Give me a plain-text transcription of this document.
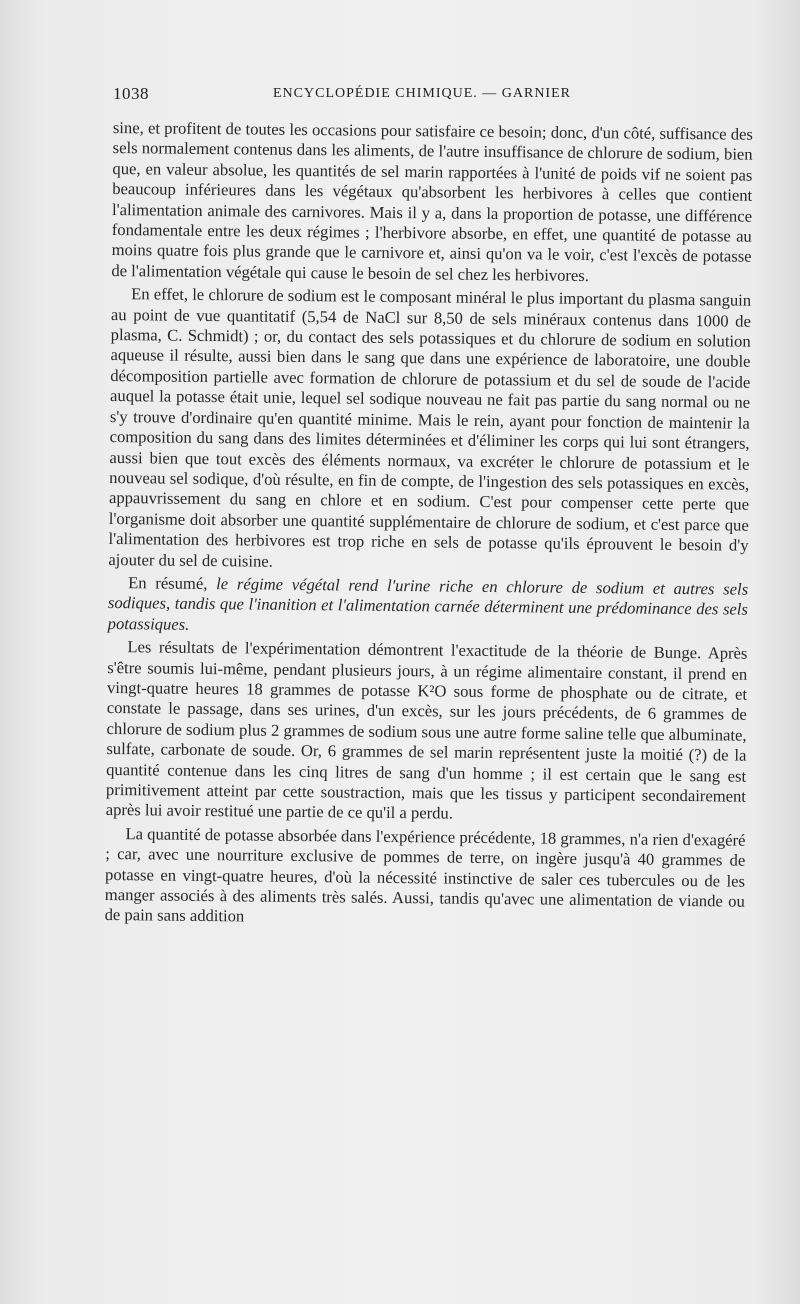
1038	ENCYCLOPÉDIE CHIMIQUE. — GARNIER

sine, et profitent de toutes les occasions pour satisfaire ce besoin; donc, d'un côté, suffisance des sels normalement contenus dans les aliments, de l'autre insuffisance de chlorure de sodium, bien que, en valeur absolue, les quantités de sel marin rapportées à l'unité de poids vif ne soient pas beaucoup inférieures dans les végétaux qu'absorbent les herbivores à celles que contient l'alimentation animale des carnivores. Mais il y a, dans la proportion de potasse, une différence fondamentale entre les deux régimes ; l'herbivore absorbe, en effet, une quantité de potasse au moins quatre fois plus grande que le carnivore et, ainsi qu'on va le voir, c'est l'excès de potasse de l'alimentation végétale qui cause le besoin de sel chez les herbivores.

En effet, le chlorure de sodium est le composant minéral le plus important du plasma sanguin au point de vue quantitatif (5,54 de NaCl sur 8,50 de sels minéraux contenus dans 1000 de plasma, C. Schmidt) ; or, du contact des sels potassiques et du chlorure de sodium en solution aqueuse il résulte, aussi bien dans le sang que dans une expérience de laboratoire, une double décomposition partielle avec formation de chlorure de potassium et du sel de soude de l'acide auquel la potasse était unie, lequel sel sodique nouveau ne fait pas partie du sang normal ou ne s'y trouve d'ordinaire qu'en quantité minime. Mais le rein, ayant pour fonction de maintenir la composition du sang dans des limites déterminées et d'éliminer les corps qui lui sont étrangers, aussi bien que tout excès des éléments normaux, va excréter le chlorure de potassium et le nouveau sel sodique, d'où résulte, en fin de compte, de l'ingestion des sels potassiques en excès, appauvrissement du sang en chlore et en sodium. C'est pour compenser cette perte que l'organisme doit absorber une quantité supplémentaire de chlorure de sodium, et c'est parce que l'alimentation des herbivores est trop riche en sels de potasse qu'ils éprouvent le besoin d'y ajouter du sel de cuisine.

En résumé, le régime végétal rend l'urine riche en chlorure de sodium et autres sels sodiques, tandis que l'inanition et l'alimentation carnée déterminent une prédominance des sels potassiques.

Les résultats de l'expérimentation démontrent l'exactitude de la théorie de Bunge. Après s'être soumis lui-même, pendant plusieurs jours, à un régime alimentaire constant, il prend en vingt-quatre heures 18 grammes de potasse K²O sous forme de phosphate ou de citrate, et constate le passage, dans ses urines, d'un excès, sur les jours précédents, de 6 grammes de chlorure de sodium plus 2 grammes de sodium sous une autre forme saline telle que albuminate, sulfate, carbonate de soude. Or, 6 grammes de sel marin représentent juste la moitié (?) de la quantité contenue dans les cinq litres de sang d'un homme ; il est certain que le sang est primitivement atteint par cette soustraction, mais que les tissus y participent secondairement après lui avoir restitué une partie de ce qu'il a perdu.

La quantité de potasse absorbée dans l'expérience précédente, 18 grammes, n'a rien d'exagéré ; car, avec une nourriture exclusive de pommes de terre, on ingère jusqu'à 40 grammes de potasse en vingt-quatre heures, d'où la nécessité instinctive de saler ces tubercules ou de les manger associés à des aliments très salés. Aussi, tandis qu'avec une alimentation de viande ou de pain sans addition
